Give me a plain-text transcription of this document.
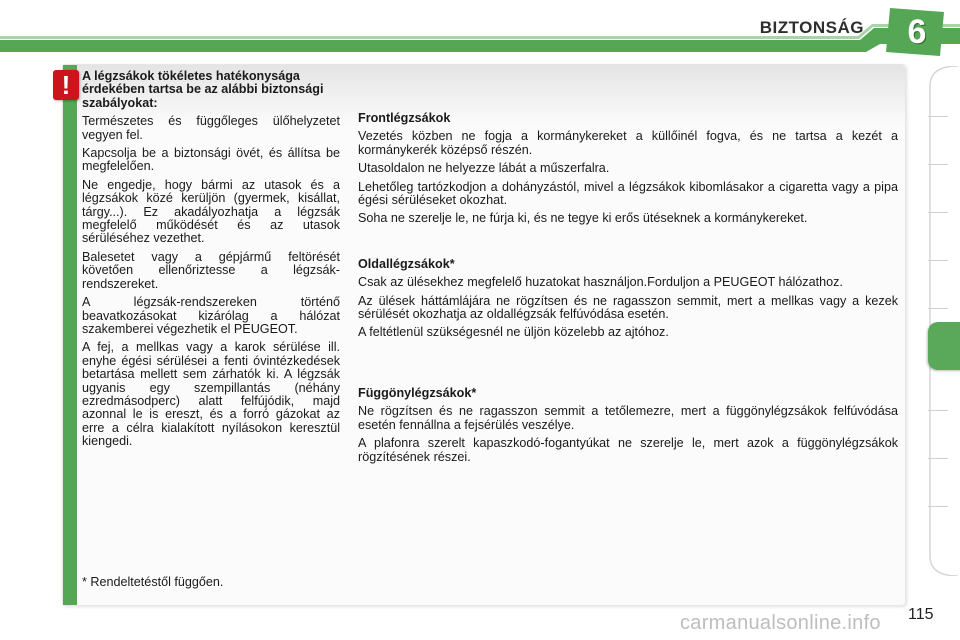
BIZTONSÁG	6
! A légzsákok tökéletes hatékonysága érdekében tartsa be az alábbi biztonsági szabályokat:

Természetes és függőleges ülőhelyzetet vegyen fel.

Kapcsolja be a biztonsági övét, és állítsa be megfelelően.

Ne engedje, hogy bármi az utasok és a légzsákok közé kerüljön (gyermek, kisállat, tárgy...). Ez akadályozhatja a légzsák megfelelő működését és az utasok sérüléséhez vezethet.

Balesetet vagy a gépjármű feltörését követően ellenőriztesse a légzsák-rendszereket.

A légzsák-rendszereken történő beavatkozásokat kizárólag a hálózat szakemberei végezhetik el PEUGEOT.

A fej, a mellkas vagy a karok sérülése ill. enyhe égési sérülései a fenti óvintézkedések betartása mellett sem zárhatók ki. A légzsák ugyanis egy szempillantás (néhány ezredmásodperc) alatt felfújódik, majd azonnal le is ereszt, és a forró gázokat az erre a célra kialakított nyílásokon keresztül kiengedi.

Frontlégzsákok

Vezetés közben ne fogja a kormánykereket a küllőinél fogva, és ne tartsa a kezét a kormánykerék középső részén.

Utasoldalon ne helyezze lábát a műszerfalra.

Lehetőleg tartózkodjon a dohányzástól, mivel a légzsákok kibomlásakor a cigaretta vagy a pipa égési sérüléseket okozhat.

Soha ne szerelje le, ne fúrja ki, és ne tegye ki erős ütéseknek a kormánykereket.

Oldallégzsákok*

Csak az ülésekhez megfelelő huzatokat használjon.Forduljon a PEUGEOT hálózathoz.

Az ülések háttámlájára ne rögzítsen és ne ragasszon semmit, mert a mellkas vagy a kezek sérülését okozhatja az oldallégzsák felfúvódása esetén.

A feltétlenül szükségesnél ne üljön közelebb az ajtóhoz.

Függönylégzsákok*

Ne rögzítsen és ne ragasszon semmit a tetőlemezre, mert a függönylégzsákok felfúvódása esetén fennállna a fejsérülés veszélye.

A plafonra szerelt kapaszkodó-fogantyúkat ne szerelje le, mert azok a függönylégzsákok rögzítésének részei.

* Rendeltetéstől függően.
carmanualsonline.info 115
